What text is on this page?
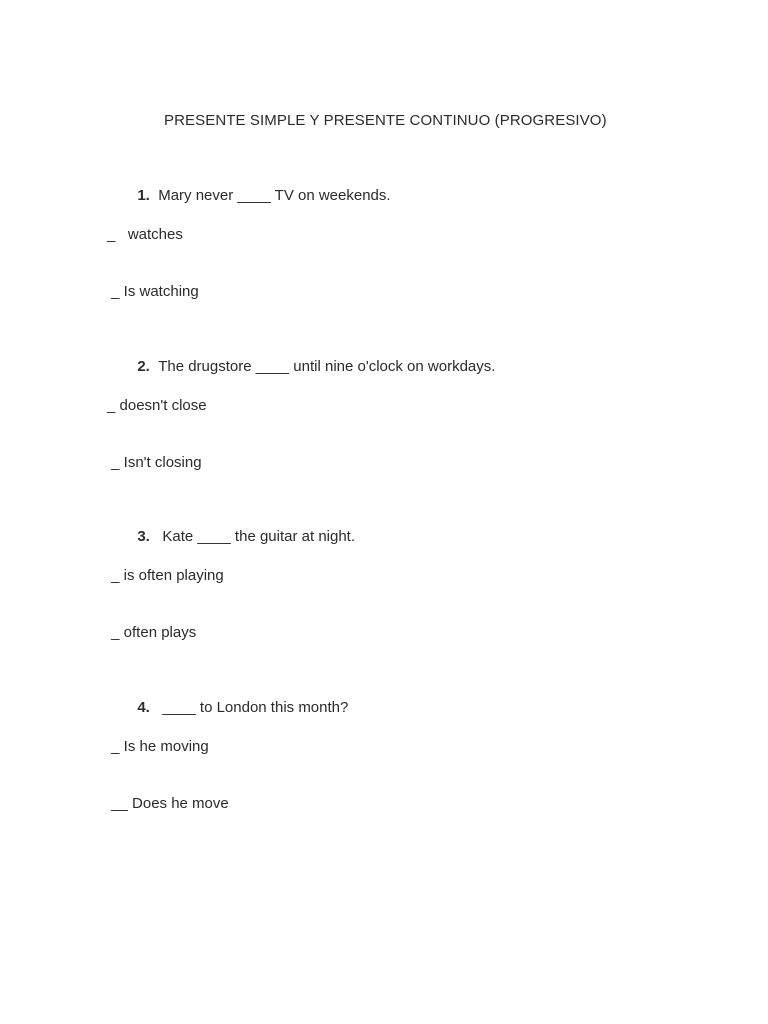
PRESENTE SIMPLE Y PRESENTE CONTINUO (PROGRESIVO)

1. Mary never ____ TV on weekends.

_   watches
_ Is watching

2. The drugstore ____ until nine o'clock on workdays.

_ doesn't close
_ Isn't closing

3.   Kate ____ the guitar at night.

_ is often playing
_ often plays

4.   ____ to London this month?

_ Is he moving
__ Does he move
